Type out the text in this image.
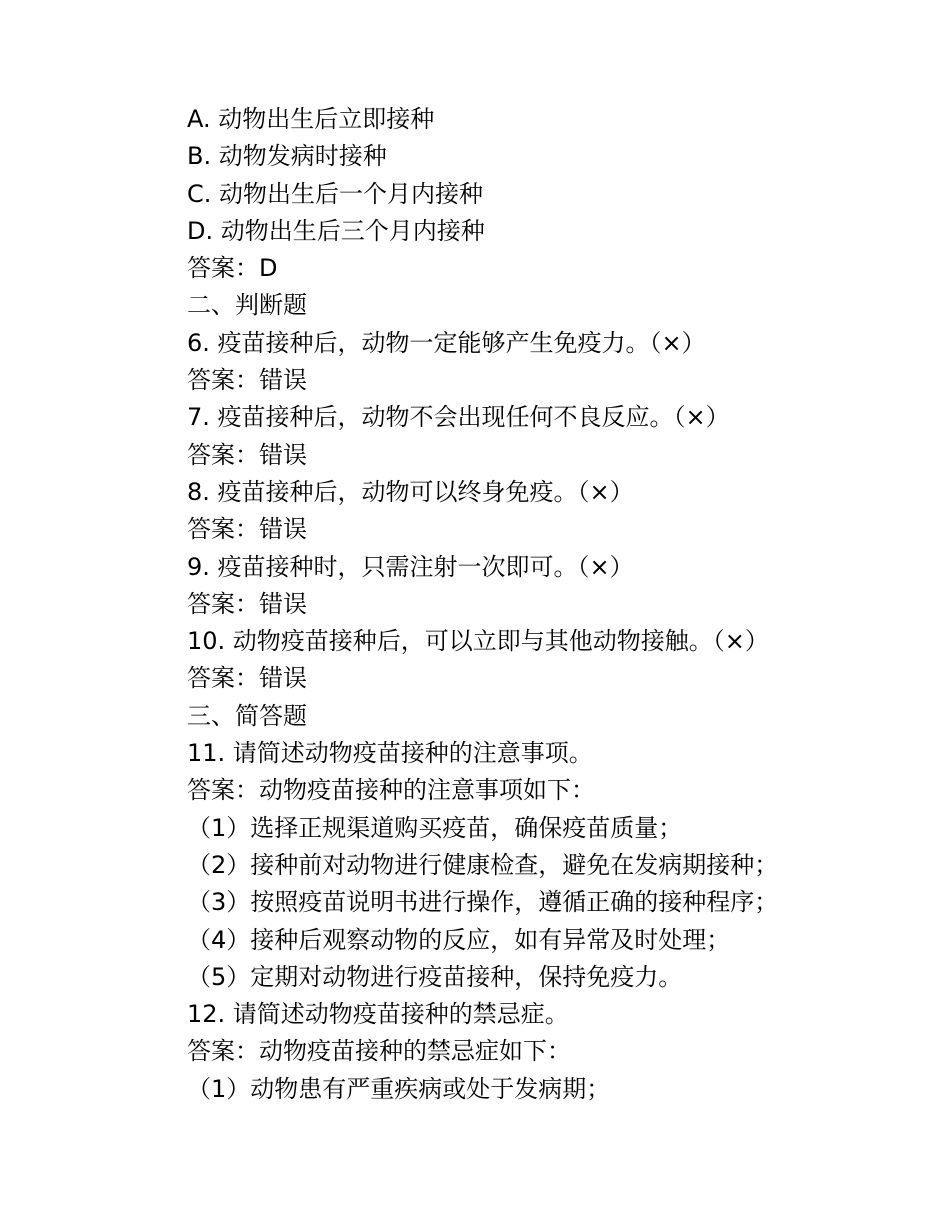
A. 动物出生后立即接种
B. 动物发病时接种
C. 动物出生后一个月内接种
D. 动物出生后三个月内接种
答案：D
二、判断题
6. 疫苗接种后，动物一定能够产生免疫力。（×）
答案：错误
7. 疫苗接种后，动物不会出现任何不良反应。（×）
答案：错误
8. 疫苗接种后，动物可以终身免疫。（×）
答案：错误
9. 疫苗接种时，只需注射一次即可。（×）
答案：错误
10. 动物疫苗接种后，可以立即与其他动物接触。（×）
答案：错误
三、简答题
11. 请简述动物疫苗接种的注意事项。
答案：动物疫苗接种的注意事项如下：
（1）选择正规渠道购买疫苗，确保疫苗质量；
（2）接种前对动物进行健康检查，避免在发病期接种；
（3）按照疫苗说明书进行操作，遵循正确的接种程序；
（4）接种后观察动物的反应，如有异常及时处理；
（5）定期对动物进行疫苗接种，保持免疫力。
12. 请简述动物疫苗接种的禁忌症。
答案：动物疫苗接种的禁忌症如下：
（1）动物患有严重疾病或处于发病期；
